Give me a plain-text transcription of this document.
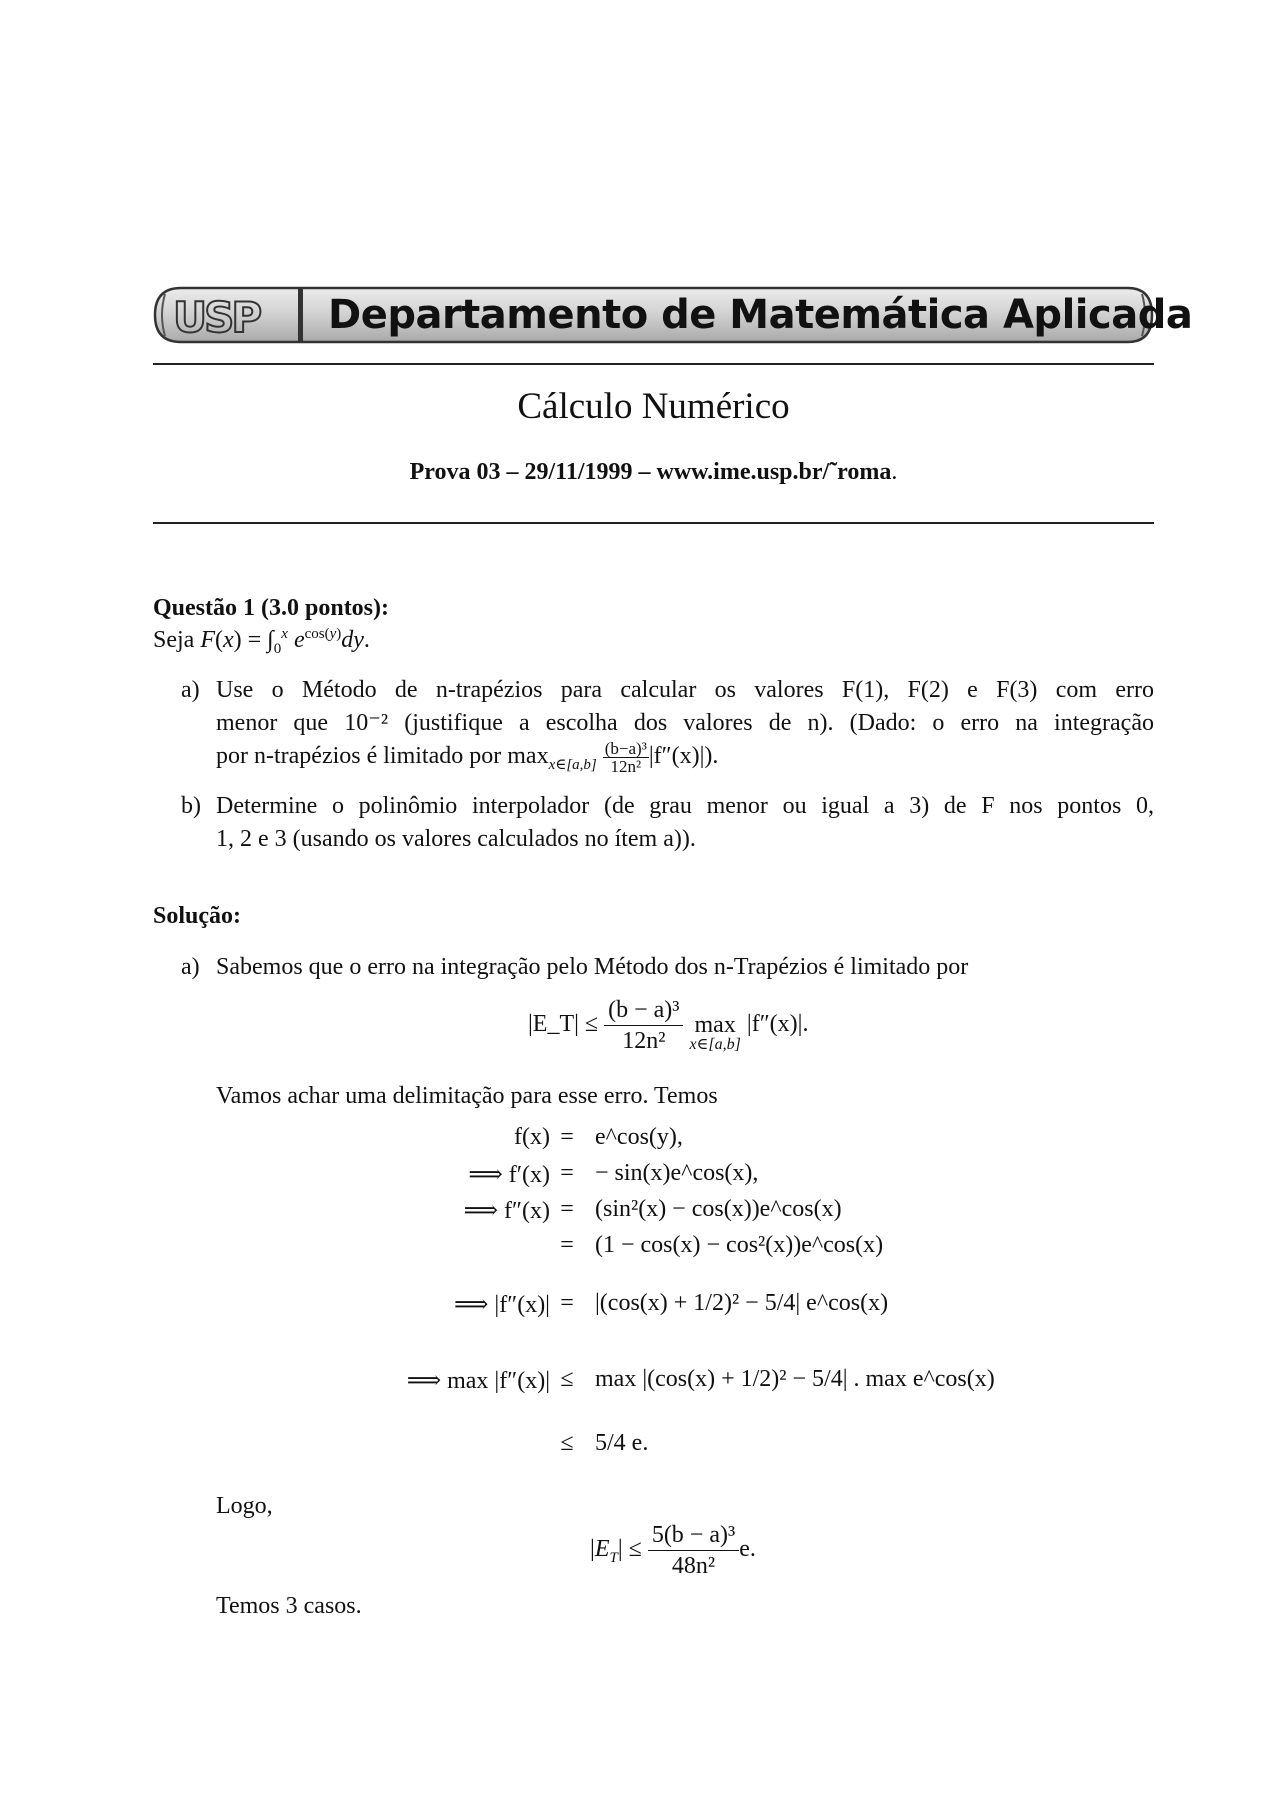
USP Departamento de Matemática Aplicada
Cálculo Numérico
Prova 03 – 29/11/1999 – www.ime.usp.br/˜roma.
Questão 1 (3.0 pontos):
Seja $F(x) = \int_0^x$ $e^{cos(y)}dy$.
a) Use o Método de n-trapézios para calcular os valores F(1), F(2) e F(3) com erro
menor que 10⁻² (justifique a escolha dos valores de n). (Dado: o erro na integração
por n-trapézios é limitado por $\max_{x\in[a,b]} \frac{\text{(b−a)³}}{\text{12n²}} |f''(x)|$).
b) Determine o polinômio interpolador (de grau menor ou igual a 3) de F nos pontos 0,
1, 2 e 3 (usando os valores calculados no ítem a)).
Solução:
a) Sabemos que o erro na integração pelo Método dos n-Trapézios é limitado por
|E_T| ≤ $\frac{\text{(b − a)³}}{\text{12n²}}$ max
x∈[a,b]
|f″(x)|.
Vamos achar uma delimitação para esse erro. Temos
f(x) = e^cos(y),
⟹ f′(x) = − sin(x)e^cos(x),
⟹ f″(x) = (sin²(x) − cos(x))e^cos(x)
= (1 − cos(x) − cos²(x))e^cos(x)
⟹ |f″(x)| = |(cos(x) + 1/2)² − 5/4| e^cos(x)
⟹ max |f″(x)| ≤ max |(cos(x) + 1/2)² − 5/4| . max e^cos(x)
≤ 5/4 e.
Logo,
$|E_T| \le \frac{\text{5(b − a)³}}{\text{48n²}} e$.
Temos 3 casos.
